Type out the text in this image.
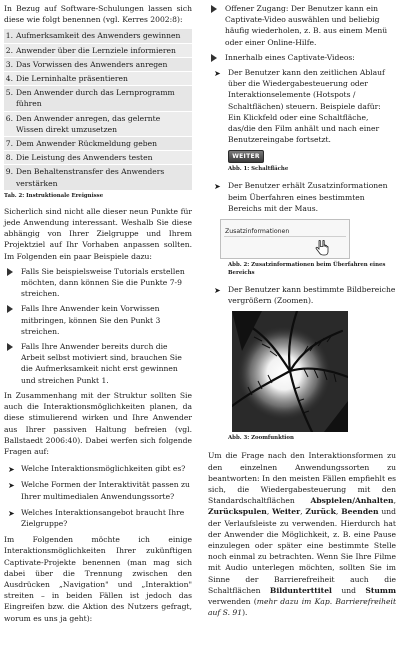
In Bezug auf Software-Schulungen lassen sich diese wie folgt benennen (vgl. Kerres 2002:8):

1.	Aufmerksamkeit des Anwenders gewinnen
2.	Anwender über die Lernziele informieren
3.	Das Vorwissen des Anwenders anregen
4.	Die Lerninhalte präsentieren
5.	Den Anwender durch das Lernprogramm führen
6.	Den Anwender anregen, das gelernte Wissen direkt umzusetzen
7.	Dem Anwender Rückmeldung geben
8.	Die Leistung des Anwenders testen
9.	Den Behaltenstransfer des Anwenders verstärken
Tab. 2: Instruktionale Ereignisse

Sicherlich sind nicht alle dieser neun Punkte für jede Anwendung interessant. Weshalb Sie diese abhängig von Ihrer Zielgruppe und Ihrem Projektziel auf Ihr Vorhaben anpassen sollten. Im Folgenden ein paar Beispiele dazu:

Falls Sie beispielsweise Tutorials erstellen möchten, dann können Sie die Punkte 7-9 streichen.
Falls Ihre Anwender kein Vorwissen mitbringen, können Sie den Punkt 3 streichen.
Falls Ihre Anwender bereits durch die Arbeit selbst motiviert sind, brauchen Sie die Aufmerksamkeit nicht erst gewinnen und streichen Punkt 1.

In Zusammenhang mit der Struktur sollten Sie auch die Interaktionsmöglichkeiten planen, da diese stimulierend wirken und Ihre Anwender aus Ihrer passiven Haltung befreien (vgl. Ballstaedt 2006:40). Dabei werfen sich folgende Fragen auf:

➤ Welche Interaktionsmöglichkeiten gibt es?
➤ Welche Formen der Interaktivität passen zu Ihrer multimedialen Anwendungssorte?
➤ Welches Interaktionsangebot braucht Ihre Zielgruppe?

Im Folgenden möchte ich einige Interaktionsmöglichkeiten Ihrer zukünftigen Captivate-Projekte benennen (man mag sich dabei über die Trennung zwischen den Ausdrücken „Navigation" und „Interaktion" streiten – in beiden Fällen ist jedoch das Eingreifen bzw. die Aktion des Nutzers gefragt, worum es uns ja geht):

Offener Zugang: Der Benutzer kann ein Captivate-Video auswählen und beliebig häufig wiederholen, z. B. aus einem Menü oder einer Online-Hilfe.
Innerhalb eines Captivate-Videos:
➤ Der Benutzer kann den zeitlichen Ablauf über die Wiedergabesteuerung oder Interaktionselemente (Hotspots / Schaltflächen) steuern. Beispiele dafür: Ein Klickfeld oder eine Schaltfläche, das/die den Film anhält und nach einer Benutzereingabe fortsetzt.
WEITER
Abb. 1: Schaltfläche
➤ Der Benutzer erhält Zusatzinformationen beim Überfahren eines bestimmten Bereichs mit der Maus.
Zusatzinformationen
Abb. 2: Zusatzinformationen beim Überfahren eines Bereichs
➤ Der Benutzer kann bestimmte Bildbereiche vergrößern (Zoomen).
Abb. 3: Zoomfunktion

Um die Frage nach den Interaktionsformen zu den einzelnen Anwendungssorten zu beantworten: In den meisten Fällen empfiehlt es sich, die Wiedergabesteuerung mit den Standardschaltflächen Abspielen/Anhalten, Zurückspulen, Weiter, Zurück, Beenden und der Verlaufsleiste zu verwenden. Hierdurch hat der Anwender die Möglichkeit, z. B. eine Pause einzulegen oder später eine bestimmte Stelle noch einmal zu betrachten. Wenn Sie Ihre Filme mit Audio unterlegen möchten, sollten Sie im Sinne der Barrierefreiheit auch die Schaltflächen Bildunterttitel und Stumm verwenden (mehr dazu im Kap. Barrierefreiheit auf S. 91).
